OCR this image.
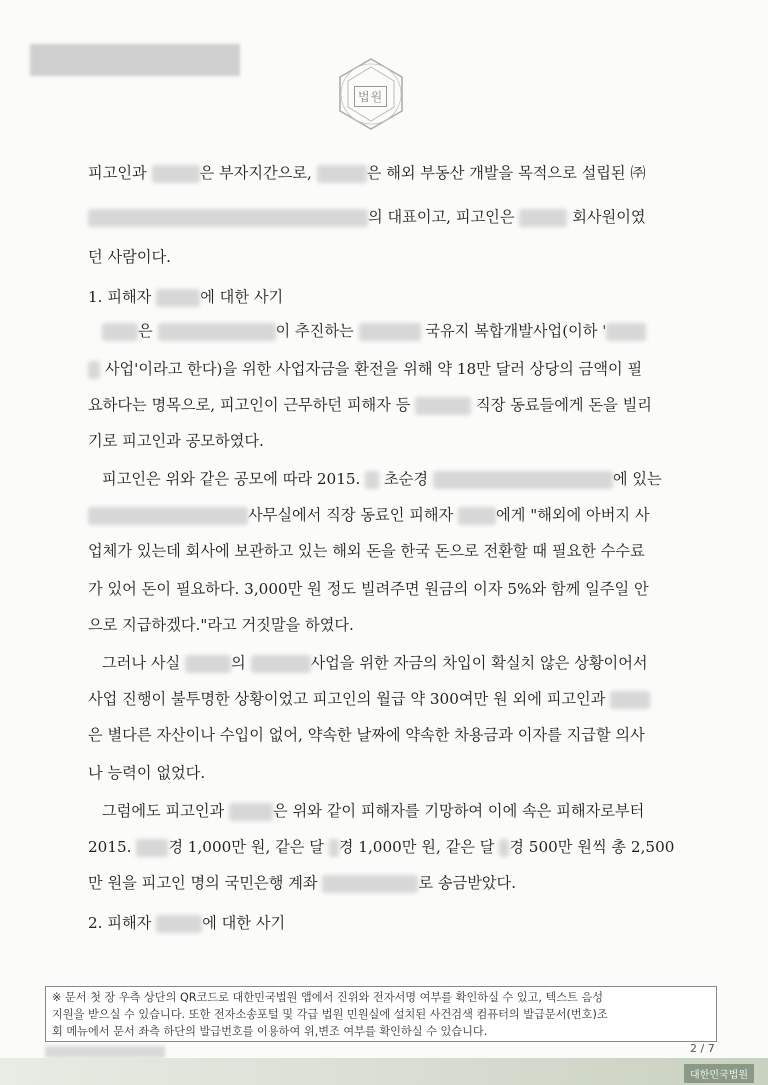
법원
피고인과	은 부자지간으로,	은 해외 부동산 개발을 목적으로 설립된 ㈜
의 대표이고, 피고인은	회사원이였
던 사람이다.
1. 피해자	에 대한 사기
은	이 추진하는	국유지 복합개발사업(이하 '
사업'이라고 한다)을 위한 사업자금을 환전을 위해 약 18만 달러 상당의 금액이 필
요하다는 명목으로, 피고인이 근무하던 피해자 등	직장 동료들에게 돈을 빌리
기로 피고인과 공모하였다.
피고인은 위와 같은 공모에 따라 2015. 초순경	에 있는
사무실에서 직장 동료인 피해자	에게 "해외에 아버지 사
업체가 있는데 회사에 보관하고 있는 해외 돈을 한국 돈으로 전환할 때 필요한 수수료
가 있어 돈이 필요하다. 3,000만 원 정도 빌려주면 원금의 이자 5%와 함께 일주일 안
으로 지급하겠다."라고 거짓말을 하였다.
그러나 사실	의	사업을 위한 자금의 차입이 확실치 않은 상황이어서
사업 진행이 불투명한 상황이었고 피고인의 월급 약 300여만 원 외에 피고인과
은 별다른 자산이나 수입이 없어, 약속한 날짜에 약속한 차용금과 이자를 지급할 의사
나 능력이 없었다.
그럼에도 피고인과	은 위와 같이 피해자를 기망하여 이에 속은 피해자로부터
2015. 경 1,000만 원, 같은 달 경 1,000만 원, 같은 달 경 500만 원씩 총 2,500
만 원을 피고인 명의 국민은행 계좌	로 송금받았다.
2. 피해자	에 대한 사기
※ 문서 첫 장 우측 상단의 QR코드로 대한민국법원 앱에서 진위와 전자서명 여부를 확인하실 수 있고, 텍스트 음성
지원을 받으실 수 있습니다. 또한 전자소송포털 및 각급 법원 민원실에 설치된 사건검색 컴퓨터의 발급문서(번호)조
회 메뉴에서 문서 좌측 하단의 발급번호를 이용하여 위,변조 여부를 확인하실 수 있습니다.
2 / 7
대한민국법원
